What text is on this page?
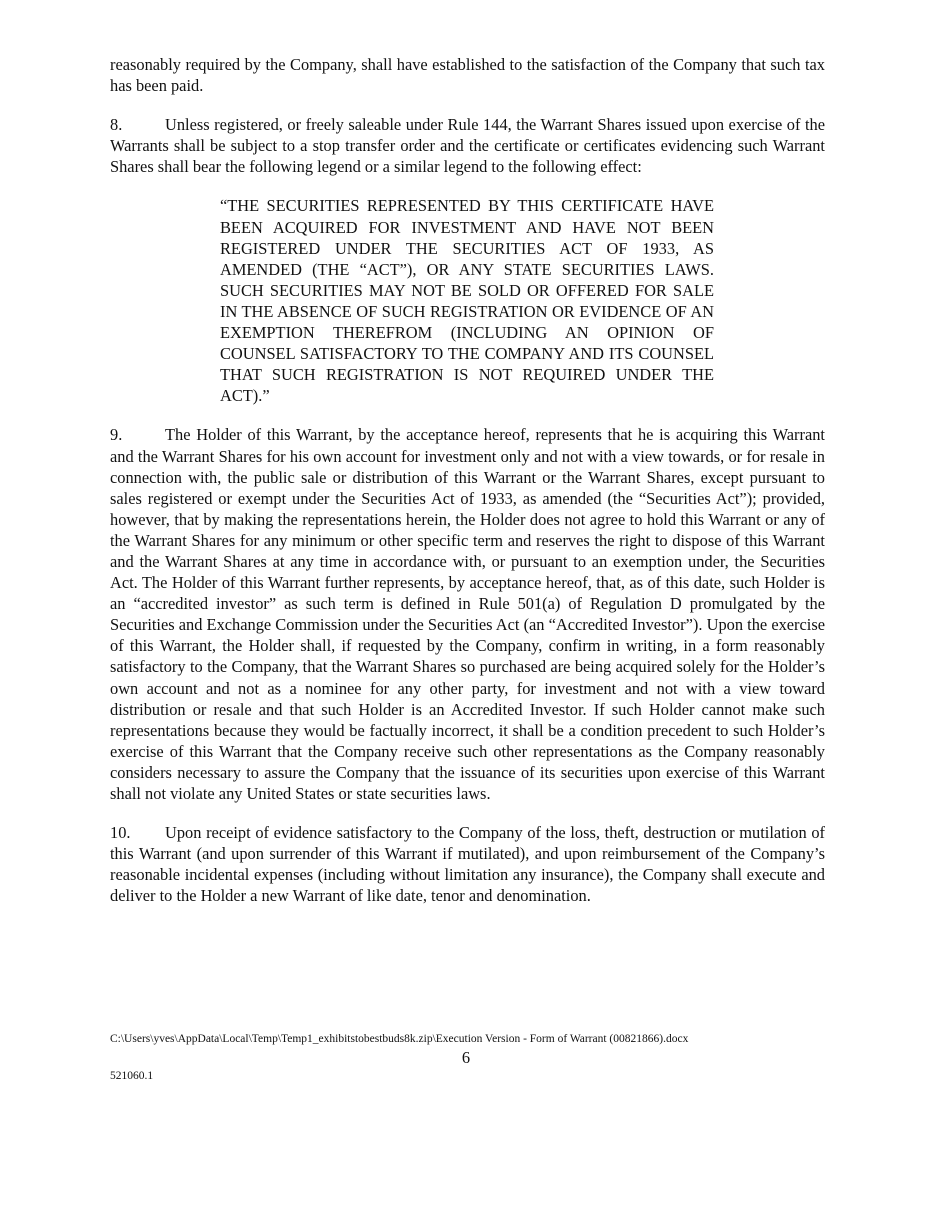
reasonably required by the Company, shall have established to the satisfaction of the Company that such tax has been paid.

8.	Unless registered, or freely saleable under Rule 144, the Warrant Shares issued upon exercise of the Warrants shall be subject to a stop transfer order and the certificate or certificates evidencing such Warrant Shares shall bear the following legend or a similar legend to the following effect:

“THE SECURITIES REPRESENTED BY THIS CERTIFICATE HAVE BEEN ACQUIRED FOR INVESTMENT AND HAVE NOT BEEN REGISTERED UNDER THE SECURITIES ACT OF 1933, AS AMENDED (THE “ACT”), OR ANY STATE SECURITIES LAWS. SUCH SECURITIES MAY NOT BE SOLD OR OFFERED FOR SALE IN THE ABSENCE OF SUCH REGISTRATION OR EVIDENCE OF AN EXEMPTION THEREFROM (INCLUDING AN OPINION OF COUNSEL SATISFACTORY TO THE COMPANY AND ITS COUNSEL THAT SUCH REGISTRATION IS NOT REQUIRED UNDER THE ACT).”

9.	The Holder of this Warrant, by the acceptance hereof, represents that he is acquiring this Warrant and the Warrant Shares for his own account for investment only and not with a view towards, or for resale in connection with, the public sale or distribution of this Warrant or the Warrant Shares, except pursuant to sales registered or exempt under the Securities Act of 1933, as amended (the “Securities Act”); provided, however, that by making the representations herein, the Holder does not agree to hold this Warrant or any of the Warrant Shares for any minimum or other specific term and reserves the right to dispose of this Warrant and the Warrant Shares at any time in accordance with, or pursuant to an exemption under, the Securities Act. The Holder of this Warrant further represents, by acceptance hereof, that, as of this date, such Holder is an “accredited investor” as such term is defined in Rule 501(a) of Regulation D promulgated by the Securities and Exchange Commission under the Securities Act (an “Accredited Investor”). Upon the exercise of this Warrant, the Holder shall, if requested by the Company, confirm in writing, in a form reasonably satisfactory to the Company, that the Warrant Shares so purchased are being acquired solely for the Holder’s own account and not as a nominee for any other party, for investment and not with a view toward distribution or resale and that such Holder is an Accredited Investor. If such Holder cannot make such representations because they would be factually incorrect, it shall be a condition precedent to such Holder’s exercise of this Warrant that the Company receive such other representations as the Company reasonably considers necessary to assure the Company that the issuance of its securities upon exercise of this Warrant shall not violate any United States or state securities laws.

10. Upon receipt of evidence satisfactory to the Company of the loss, theft, destruction or mutilation of this Warrant (and upon surrender of this Warrant if mutilated), and upon reimbursement of the Company’s reasonable incidental expenses (including without limitation any insurance), the Company shall execute and deliver to the Holder a new Warrant of like date, tenor and denomination.

C:\Users\yves\AppData\Local\Temp\Temp1_exhibitstobestbuds8k.zip\Execution Version - Form of Warrant (00821866).docx
6
521060.1
